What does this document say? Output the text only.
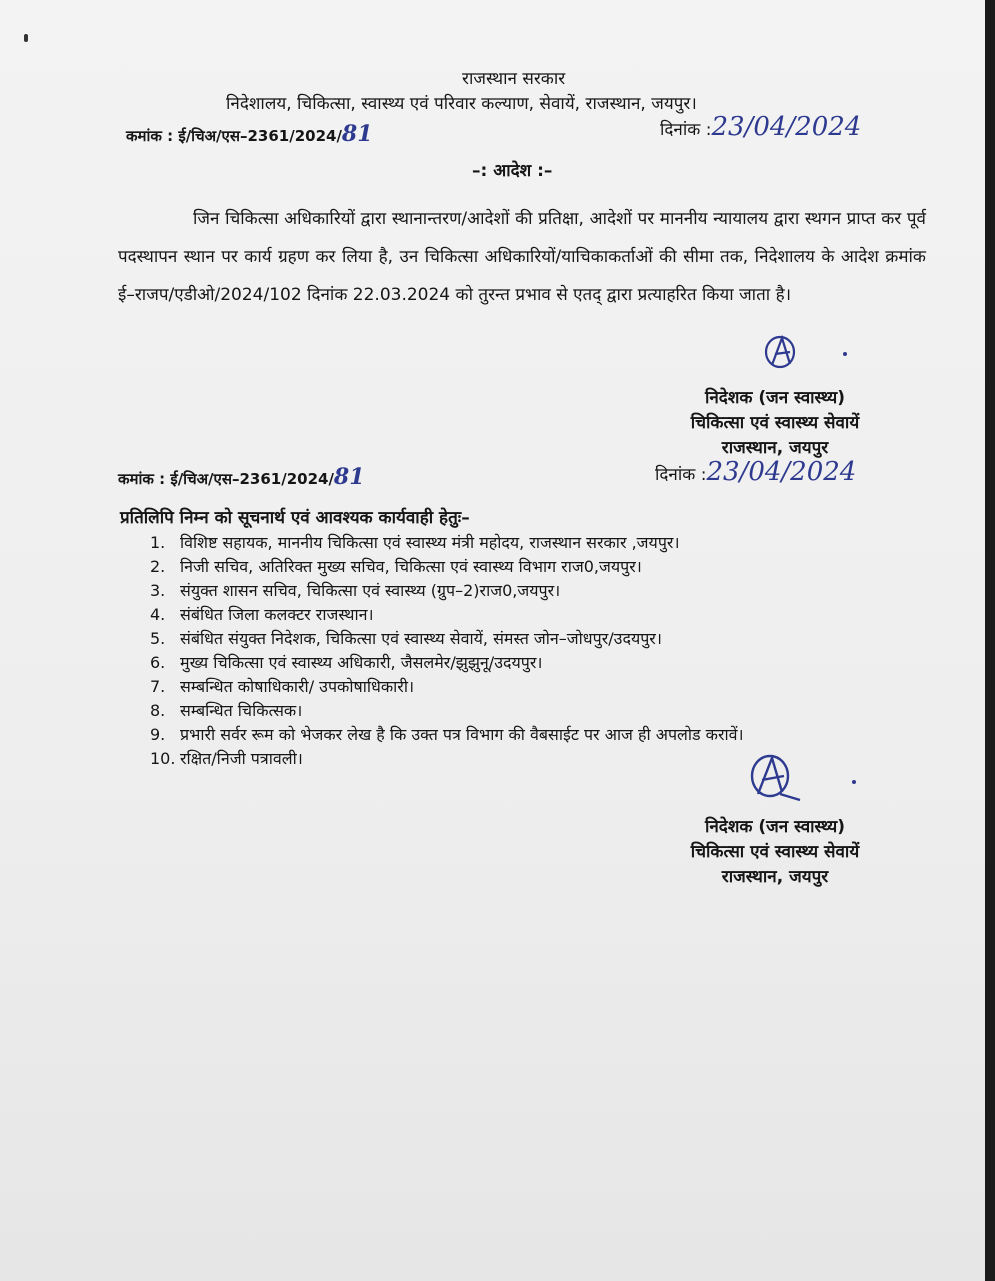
राजस्थान सरकार
निदेशालय, चिकित्सा, स्वास्थ्य एवं परिवार कल्याण, सेवायें, राजस्थान, जयपुर।
कमांक : ई/चिअ/एस–2361/2024/81	दिनांक :23/04/2024
–: आदेश :–
जिन चिकित्सा अधिकारियों द्वारा स्थानान्तरण/आदेशों की प्रतिक्षा, आदेशों पर माननीय न्यायालय द्वारा स्थगन प्राप्त कर पूर्व पदस्थापन स्थान पर कार्य ग्रहण कर लिया है, उन चिकित्सा अधिकारियों/याचिकाकर्ताओं की सीमा तक, निदेशालय के आदेश क्रमांक ई–राजप/एडीओ/2024/102 दिनांक 22.03.2024 को तुरन्त प्रभाव से एतद् द्वारा प्रत्याहरित किया जाता है।
निदेशक (जन स्वास्थ्य)
चिकित्सा एवं स्वास्थ्य सेवायें
राजस्थान, जयपुर
कमांक : ई/चिअ/एस–2361/2024/81	दिनांक :23/04/2024
प्रतिलिपि निम्न को सूचनार्थ एवं आवश्यक कार्यवाही हेतुः–
1. विशिष्ट सहायक, माननीय चिकित्सा एवं स्वास्थ्य मंत्री महोदय, राजस्थान सरकार ,जयपुर।
2. निजी सचिव, अतिरिक्त मुख्य सचिव, चिकित्सा एवं स्वास्थ्य विभाग राज0,जयपुर।
3. संयुक्त शासन सचिव, चिकित्सा एवं स्वास्थ्य (ग्रुप–2)राज0,जयपुर।
4. संबंधित जिला कलक्टर राजस्थान।
5. संबंधित संयुक्त निदेशक, चिकित्सा एवं स्वास्थ्य सेवायें, संमस्त जोन–जोधपुर/उदयपुर।
6. मुख्य चिकित्सा एवं स्वास्थ्य अधिकारी, जैसलमेर/झुझुनू/उदयपुर।
7. सम्बन्धित कोषाधिकारी/ उपकोषाधिकारी।
8. सम्बन्धित चिकित्सक।
9. प्रभारी सर्वर रूम को भेजकर लेख है कि उक्त पत्र विभाग की वैबसाईट पर आज ही अपलोड करावें।
10. रक्षित/निजी पत्रावली।
निदेशक (जन स्वास्थ्य)
चिकित्सा एवं स्वास्थ्य सेवायें
राजस्थान, जयपुर
